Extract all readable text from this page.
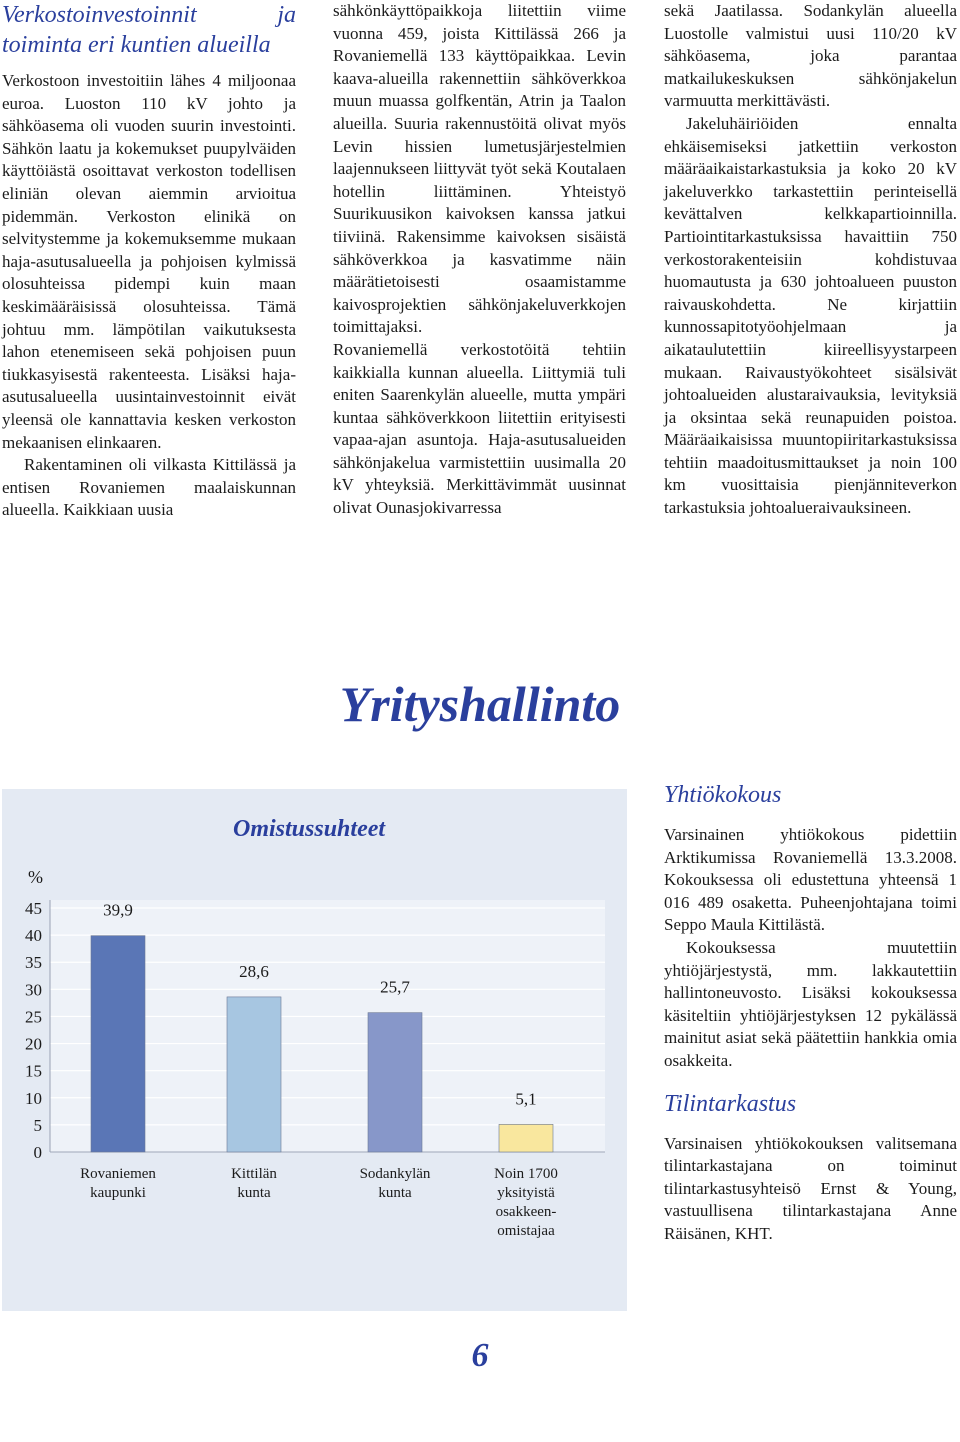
Verkostoinvestoinnit ja toiminta eri kuntien alueilla

Verkostoon investoitiin lähes 4 miljoonaa euroa. Luoston 110 kV johto ja sähköasema oli vuoden suurin investointi. Sähkön laatu ja kokemukset puupylväiden käyttöiästä osoittavat verkoston todellisen eliniän olevan aiemmin arvioitua pidemmän. Verkoston elinikä on selvitystemme ja kokemuksemme mukaan haja-asutusalueella ja pohjoisen kylmissä olosuhteissa pidempi kuin maan keskimääräisissä olosuhteissa. Tämä johtuu mm. lämpötilan vaikutuksesta lahon etenemiseen sekä pohjoisen puun tiukkasyisestä rakenteesta. Lisäksi haja-asutusalueella uusintainvestoinnit eivät yleensä ole kannattavia kesken verkoston mekaanisen elinkaaren.

Rakentaminen oli vilkasta Kittilässä ja entisen Rovaniemen maalaiskunnan alueella. Kaikkiaan uusia

sähkönkäyttöpaikkoja liitettiin viime vuonna 459, joista Kittilässä 266 ja Rovaniemellä 133 käyttöpaikkaa. Levin kaava-alueilla rakennettiin sähköverkkoa muun muassa golfkentän, Atrin ja Taalon alueilla. Suuria rakennustöitä olivat myös Levin hissien lumetusjärjestelmien laajennukseen liittyvät työt sekä Koutalaen hotellin liittäminen. Yhteistyö Suurikuusikon kaivoksen kanssa jatkui tiiviinä. Rakensimme kaivoksen sisäistä sähköverkkoa ja kasvatimme näin määrätietoisesti osaamistamme kaivosprojektien sähkönjakeluverkkojen toimittajaksi.

Rovaniemellä verkostotöitä tehtiin kaikkialla kunnan alueella. Liittymiä tuli eniten Saarenkylän alueelle, mutta ympäri kuntaa sähköverkkoon liitettiin erityisesti vapaa-ajan asuntoja. Haja-asutusalueiden sähkönjakelua varmistettiin uusimalla 20 kV yhteyksiä. Merkittävimmät uusinnat olivat Ounasjokivarressa

sekä Jaatilassa. Sodankylän alueella Luostolle valmistui uusi 110/20 kV sähköasema, joka parantaa matkailukeskuksen sähkönjakelun varmuutta merkittävästi.

Jakeluhäiriöiden ennalta ehkäisemiseksi jatkettiin verkoston määräaikaistarkastuksia ja koko 20 kV jakeluverkko tarkastettiin perinteisellä kevättalven kelkkapartioinnilla. Partiointitarkastuksissa havaittiin 750 verkostorakenteisiin kohdistuvaa huomautusta ja 630 johtoalueen puuston raivauskohdetta. Ne kirjattiin kunnossapitotyöohjelmaan ja aikataulutettiin kiireellisyystarpeen mukaan. Raivaustyökohteet sisälsivät johtoalueiden alustaraivauksia, levityksiä ja oksintaa sekä reunapuiden poistoa. Määräaikaisissa muuntopiiritarkastuksissa tehtiin maadoitusmittaukset ja noin 100 km vuosittaisia pienjänniteverkon tarkastuksia johtoalueraivauksineen.

Yrityshallinto
Omistussuhteet
0
5
10
15
20
25
30
35
40
45
%
39,9
Rovaniemen
kaupunki
28,6
Kittilän
kunta
25,7
Sodankylän
kunta
5,1
Noin 1700
yksityistä
osakkeen-
omistajaa
Yhtiökokous

Varsinainen yhtiökokous pidettiin Arktikumissa Rovaniemellä 13.3.2008. Kokouksessa oli edustettuna yhteensä 1 016 489 osaketta. Puheenjohtajana toimi Seppo Maula Kittilästä.

Kokouksessa muutettiin yhtiöjärjestystä, mm. lakkautettiin hallintoneuvosto. Lisäksi kokouksessa käsiteltiin yhtiöjärjestyksen 12 pykälässä mainitut asiat sekä päätettiin hankkia omia osakkeita.

Tilintarkastus

Varsinaisen yhtiökokouksen valitsemana tilintarkastajana on toiminut tilintarkastusyhteisö Ernst & Young, vastuullisena tilintarkastajana Anne Räisänen, KHT.

6
